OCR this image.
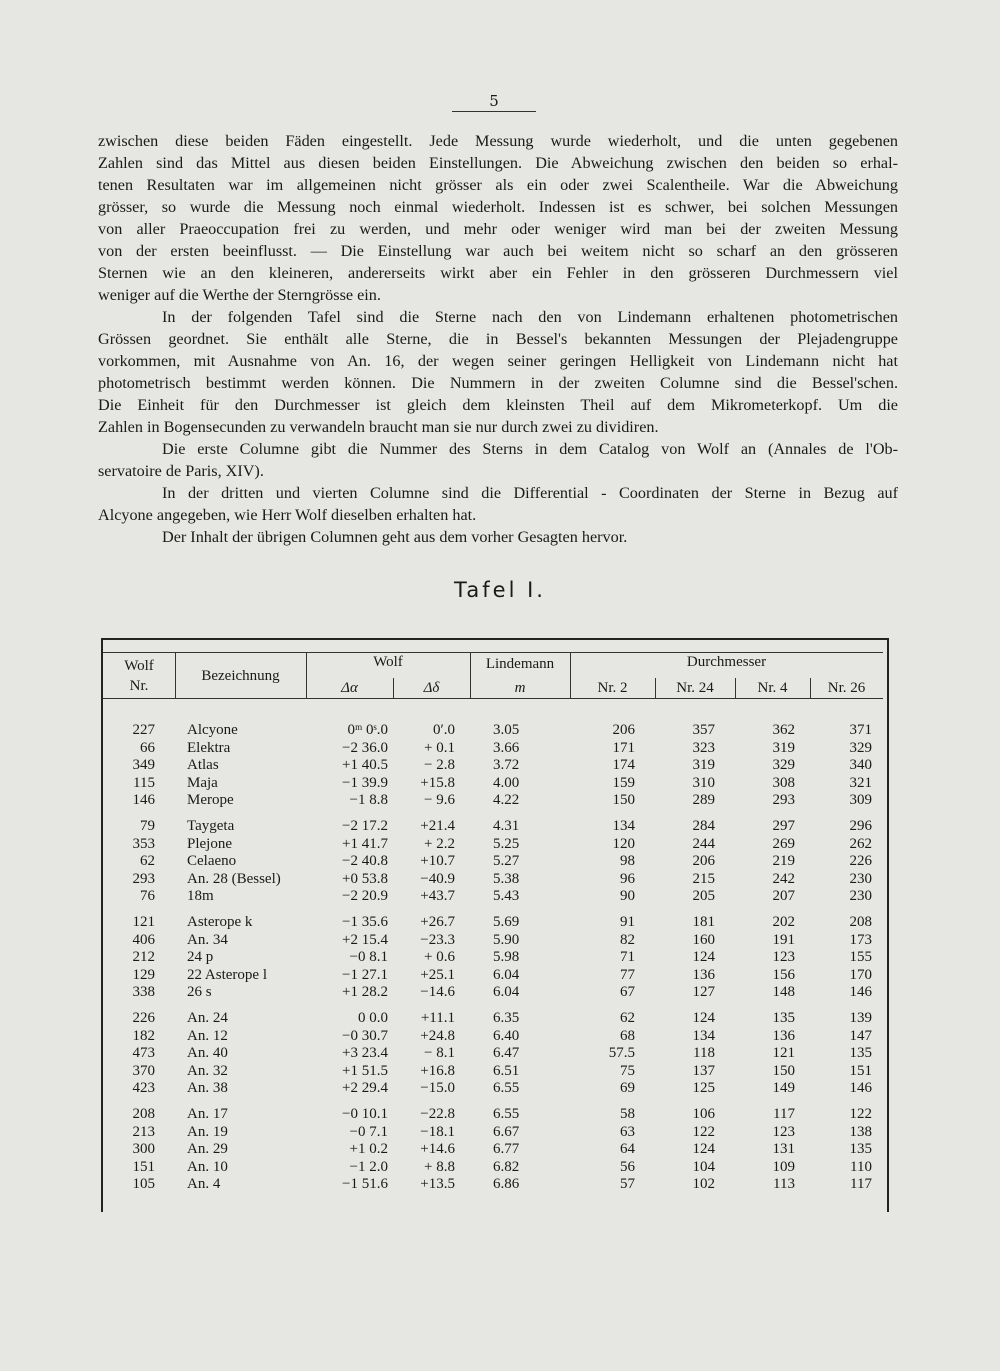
5
zwischen diese beiden Fäden eingestellt. Jede Messung wurde wiederholt, und die unten gegebenen
Zahlen sind das Mittel aus diesen beiden Einstellungen. Die Abweichung zwischen den beiden so erhal-
tenen Resultaten war im allgemeinen nicht grösser als ein oder zwei Scalentheile. War die Abweichung
grösser, so wurde die Messung noch einmal wiederholt. Indessen ist es schwer, bei solchen Messungen
von aller Praeoccupation frei zu werden, und mehr oder weniger wird man bei der zweiten Messung
von der ersten beeinflusst. — Die Einstellung war auch bei weitem nicht so scharf an den grösseren
Sternen wie an den kleineren, andererseits wirkt aber ein Fehler in den grösseren Durchmessern viel
weniger auf die Werthe der Sterngrösse ein.
In der folgenden Tafel sind die Sterne nach den von Lindemann erhaltenen photometrischen
Grössen geordnet. Sie enthält alle Sterne, die in Bessel's bekannten Messungen der Plejadengruppe
vorkommen, mit Ausnahme von An. 16, der wegen seiner geringen Helligkeit von Lindemann nicht hat
photometrisch bestimmt werden können. Die Nummern in der zweiten Columne sind die Bessel'schen.
Die Einheit für den Durchmesser ist gleich dem kleinsten Theil auf dem Mikrometerkopf. Um die
Zahlen in Bogensecunden zu verwandeln braucht man sie nur durch zwei zu dividiren.
Die erste Columne gibt die Nummer des Sterns in dem Catalog von Wolf an (Annales de l'Ob-
servatoire de Paris, XIV).
In der dritten und vierten Columne sind die Differential - Coordinaten der Sterne in Bezug auf
Alcyone angegeben, wie Herr Wolf dieselben erhalten hat.
Der Inhalt der übrigen Columnen geht aus dem vorher Gesagten hervor.
Tafel I.
Wolf
Nr.
Bezeichnung
Wolf
Δα	Δδ
Lindemann
m
Durchmesser
Nr. 2	Nr. 24	Nr. 4	Nr. 26
227 Alcyone	0ᵐ 0ˢ.0	0′.0	3.05	206	357	362	371
66 Elektra	−2 36.0	+ 0.1	3.66	171	323	319	329
349 Atlas	+1 40.5	− 2.8	3.72	174	319	329	340
115 Maja	−1 39.9	+15.8	4.00	159	310	308	321
146 Merope	−1 8.8	− 9.6	4.22	150	289	293	309
79 Taygeta	−2 17.2	+21.4	4.31	134	284	297	296
353 Plejone	+1 41.7	+ 2.2	5.25	120	244	269	262
62 Celaeno	−2 40.8	+10.7	5.27	98	206	219	226
293 An. 28 (Bessel)	+0 53.8	−40.9	5.38	96	215	242	230
76 18m	−2 20.9	+43.7	5.43	90	205	207	230
121 Asterope k	−1 35.6	+26.7	5.69	91	181	202	208
406 An. 34	+2 15.4	−23.3	5.90	82	160	191	173
212 24 p	−0 8.1	+ 0.6	5.98	71	124	123	155
129 22 Asterope l	−1 27.1	+25.1	6.04	77	136	156	170
338 26 s	+1 28.2	−14.6	6.04	67	127	148	146
226 An. 24	0 0.0	+11.1	6.35	62	124	135	139
182 An. 12	−0 30.7	+24.8	6.40	68	134	136	147
473 An. 40	+3 23.4	− 8.1	6.47	57.5	118	121	135
370 An. 32	+1 51.5	+16.8	6.51	75	137	150	151
423 An. 38	+2 29.4	−15.0	6.55	69	125	149	146
208 An. 17	−0 10.1	−22.8	6.55	58	106	117	122
213 An. 19	−0 7.1	−18.1	6.67	63	122	123	138
300 An. 29	+1 0.2	+14.6	6.77	64	124	131	135
151 An. 10	−1 2.0	+ 8.8	6.82	56	104	109	110
105 An. 4	−1 51.6	+13.5	6.86	57	102	113	117
